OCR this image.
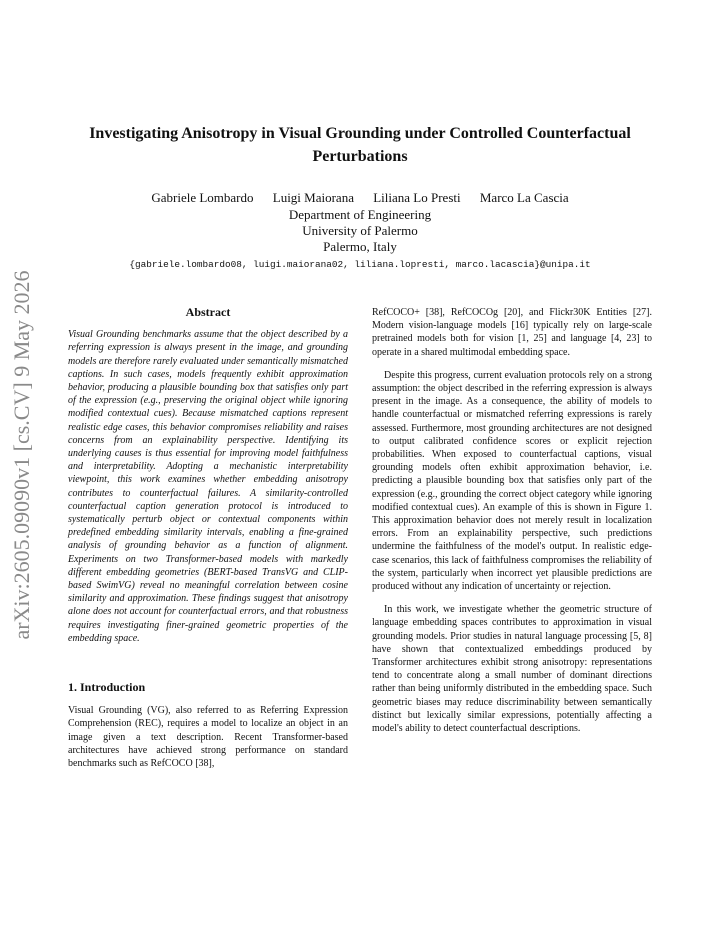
Investigating Anisotropy in Visual Grounding under Controlled Counterfactual Perturbations
Gabriele Lombardo Luigi Maiorana Liliana Lo Presti Marco La Cascia
Department of Engineering
University of Palermo
Palermo, Italy
{gabriele.lombardo08, luigi.maiorana02, liliana.lopresti, marco.lacascia}@unipa.it
arXiv:2605.09090v1 [cs.CV] 9 May 2026	Abstract

Visual Grounding benchmarks assume that the object described by a referring expression is always present in the image, and grounding models are therefore rarely evaluated under semantically mismatched captions. In such cases, models frequently exhibit approximation behavior, producing a plausible bounding box that satisfies only part of the expression (e.g., preserving the original object while ignoring modified contextual cues). Because mismatched captions represent realistic edge cases, this behavior compromises reliability and raises concerns from an explainability perspective. Identifying its underlying causes is thus essential for improving model faithfulness and interpretability. Adopting a mechanistic interpretability viewpoint, this work examines whether embedding anisotropy contributes to counterfactual failures. A similarity-controlled counterfactual caption generation protocol is introduced to systematically perturb object or contextual components within predefined embedding similarity intervals, enabling a fine-grained analysis of grounding behavior as a function of alignment. Experiments on two Transformer-based models with markedly different embedding geometries (BERT-based TransVG and CLIP-based SwimVG) reveal no meaningful correlation between cosine similarity and approximation. These findings suggest that anisotropy alone does not account for counterfactual errors, and that robustness requires investigating finer-grained geometric properties of the embedding space.

1. Introduction

Visual Grounding (VG), also referred to as Referring Expression Comprehension (REC), requires a model to localize an object in an image given a text description. Recent Transformer-based architectures have achieved strong performance on standard benchmarks such as RefCOCO [38],

RefCOCO+ [38], RefCOCOg [20], and Flickr30K Entities [27]. Modern vision-language models [16] typically rely on large-scale pretrained models both for vision [1, 25] and language [4, 23] to operate in a shared multimodal embedding space.

Despite this progress, current evaluation protocols rely on a strong assumption: the object described in the referring expression is always present in the image. As a consequence, the ability of models to handle counterfactual or mismatched referring expressions is rarely assessed. Furthermore, most grounding architectures are not designed to output calibrated confidence scores or explicit rejection probabilities. When exposed to counterfactual captions, visual grounding models often exhibit approximation behavior, i.e. predicting a plausible bounding box that satisfies only part of the expression (e.g., grounding the correct object category while ignoring modified contextual cues). An example of this is shown in Figure 1. This approximation behavior does not merely result in localization errors. From an explainability perspective, such predictions undermine the faithfulness of the model's output. In realistic edge-case scenarios, this lack of faithfulness compromises the reliability of the system, particularly when incorrect yet plausible predictions are produced without any indication of uncertainty or rejection.

In this work, we investigate whether the geometric structure of language embedding spaces contributes to approximation in visual grounding models. Prior studies in natural language processing [5, 8] have shown that contextualized embeddings produced by Transformer architectures exhibit strong anisotropy: representations tend to concentrate along a small number of dominant directions rather than being uniformly distributed in the embedding space. Such geometric biases may reduce discriminability between semantically distinct but lexically similar expressions, potentially affecting a model's ability to detect counterfactual descriptions.
